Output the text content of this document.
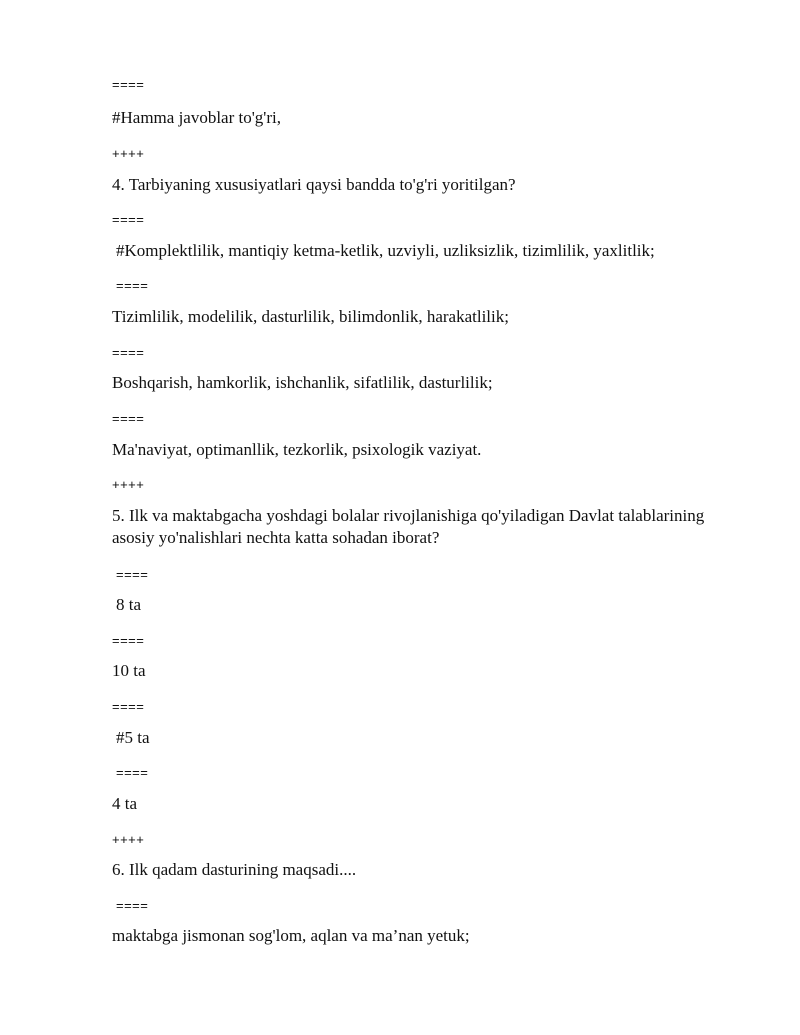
====
#Hamma javoblar to'g'ri,
++++
4. Tarbiyaning xususiyatlari qaysi bandda to'g'ri yoritilgan?
====
#Komplektlilik, mantiqiy ketma-ketlik, uzviyli, uzliksizlik, tizimlilik, yaxlitlik;
====
Tizimlilik, modelilik, dasturlilik, bilimdonlik, harakatlilik;
====
Boshqarish, hamkorlik, ishchanlik, sifatlilik, dasturlilik;
====
Ma'naviyat, optimanllik, tezkorlik, psixologik vaziyat.
++++
5. Ilk va maktabgacha yoshdagi bolalar rivojlanishiga qo'yiladigan Davlat talablarining asosiy yo'nalishlari nechta katta sohadan iborat?
====
8 ta
====
10 ta
====
#5 ta
====
4 ta
++++
6. Ilk qadam dasturining maqsadi....
====
maktabga jismonan sog'lom, aqlan va ma’nan yetuk;
